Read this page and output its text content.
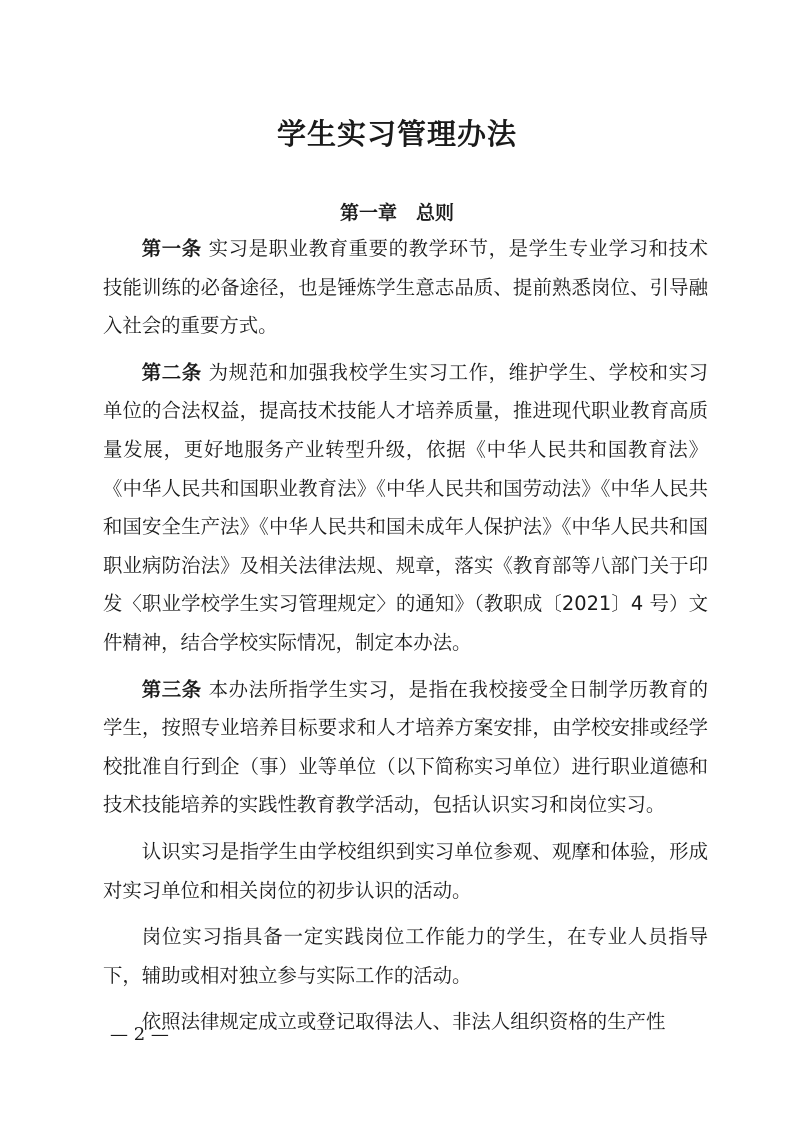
学生实习管理办法
第一章　总则

第一条 实习是职业教育重要的教学环节，是学生专业学习和技术技能训练的必备途径，也是锤炼学生意志品质、提前熟悉岗位、引导融入社会的重要方式。

第二条 为规范和加强我校学生实习工作，维护学生、学校和实习单位的合法权益，提高技术技能人才培养质量，推进现代职业教育高质量发展，更好地服务产业转型升级，依据《中华人民共和国教育法》《中华人民共和国职业教育法》《中华人民共和国劳动法》《中华人民共和国安全生产法》《中华人民共和国未成年人保护法》《中华人民共和国职业病防治法》及相关法律法规、规章，落实《教育部等八部门关于印发〈职业学校学生实习管理规定〉的通知》（教职成〔2021〕4 号）文件精神，结合学校实际情况，制定本办法。

第三条 本办法所指学生实习，是指在我校接受全日制学历教育的学生，按照专业培养目标要求和人才培养方案安排，由学校安排或经学校批准自行到企（事）业等单位（以下简称实习单位）进行职业道德和技术技能培养的实践性教育教学活动，包括认识实习和岗位实习。

认识实习是指学生由学校组织到实习单位参观、观摩和体验，形成对实习单位和相关岗位的初步认识的活动。

岗位实习指具备一定实践岗位工作能力的学生，在专业人员指导下，辅助或相对独立参与实际工作的活动。

依照法律规定成立或登记取得法人、非法人组织资格的生产性

— 2 —
